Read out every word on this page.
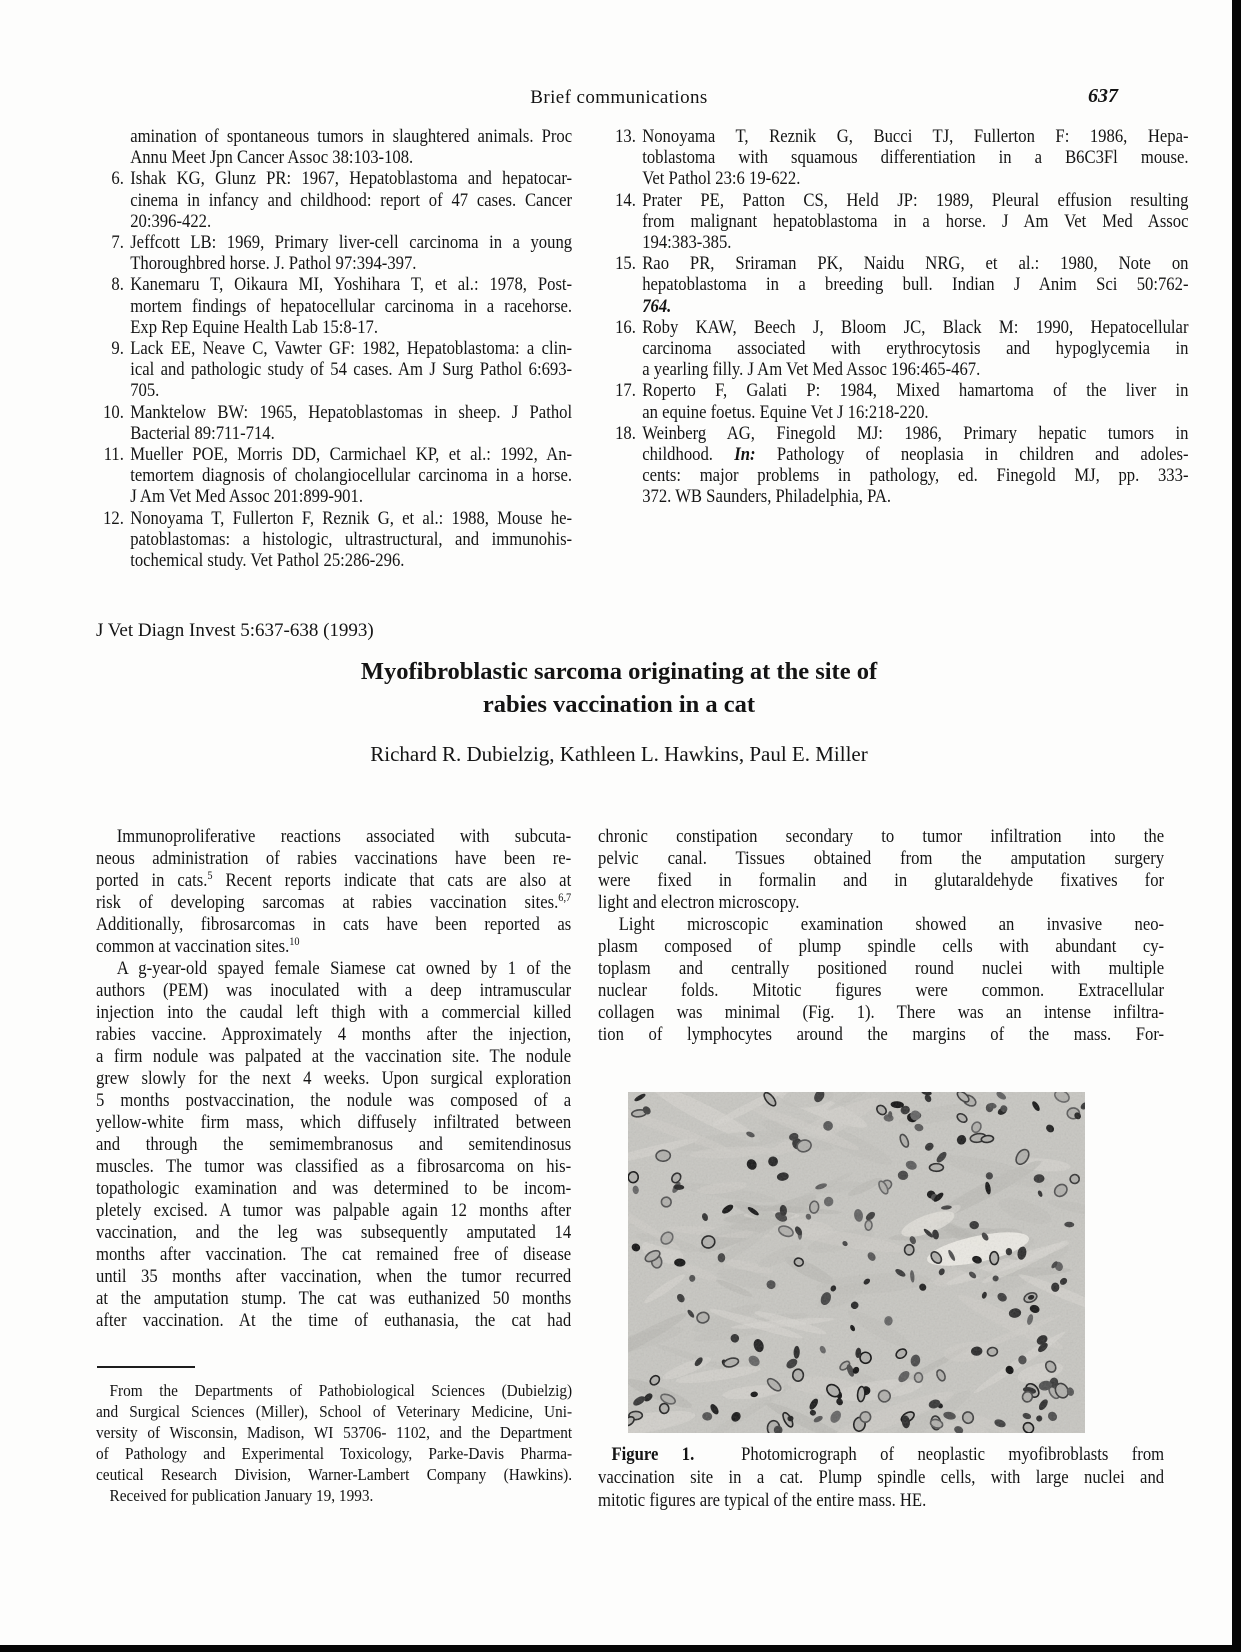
Brief communications	637
amination of spontaneous tumors in slaughtered animals. Proc
Annu Meet Jpn Cancer Assoc 38:103-108.
6. Ishak KG, Glunz PR: 1967, Hepatoblastoma and hepatocar-
cinema in infancy and childhood: report of 47 cases. Cancer
20:396-422.
7. Jeffcott LB: 1969, Primary liver-cell carcinoma in a young
Thoroughbred horse. J. Pathol 97:394-397.
8. Kanemaru T, Oikaura MI, Yoshihara T, et al.: 1978, Post-
mortem findings of hepatocellular carcinoma in a racehorse.
Exp Rep Equine Health Lab 15:8-17.
9. Lack EE, Neave C, Vawter GF: 1982, Hepatoblastoma: a clin-
ical and pathologic study of 54 cases. Am J Surg Pathol 6:693-
705.
10. Manktelow BW: 1965, Hepatoblastomas in sheep. J Pathol
Bacterial 89:711-714.
11. Mueller POE, Morris DD, Carmichael KP, et al.: 1992, An-
temortem diagnosis of cholangiocellular carcinoma in a horse.
J Am Vet Med Assoc 201:899-901.
12. Nonoyama T, Fullerton F, Reznik G, et al.: 1988, Mouse he-
patoblastomas: a histologic, ultrastructural, and immunohis-
tochemical study. Vet Pathol 25:286-296.
13. Nonoyama T, Reznik G, Bucci TJ, Fullerton F: 1986, Hepa-
toblastoma with squamous differentiation in a B6C3Fl mouse.
Vet Pathol 23:6 19-622.
14. Prater PE, Patton CS, Held JP: 1989, Pleural effusion resulting
from malignant hepatoblastoma in a horse. J Am Vet Med Assoc
194:383-385.
15. Rao PR, Sriraman PK, Naidu NRG, et al.: 1980, Note on
hepatoblastoma in a breeding bull. Indian J Anim Sci 50:762-
764.
16. Roby KAW, Beech J, Bloom JC, Black M: 1990, Hepatocellular
carcinoma associated with erythrocytosis and hypoglycemia in
a yearling filly. J Am Vet Med Assoc 196:465-467.
17. Roperto F, Galati P: 1984, Mixed hamartoma of the liver in
an equine foetus. Equine Vet J 16:218-220.
18. Weinberg AG, Finegold MJ: 1986, Primary hepatic tumors in
childhood. In: Pathology of neoplasia in children and adoles-
cents: major problems in pathology, ed. Finegold MJ, pp. 333-
372. WB Saunders, Philadelphia, PA.
J Vet Diagn Invest 5:637-638 (1993)
Myofibroblastic sarcoma originating at the site of
rabies vaccination in a cat
Richard R. Dubielzig, Kathleen L. Hawkins, Paul E. Miller
Immunoproliferative reactions associated with subcuta-
neous administration of rabies vaccinations have been re-
ported in cats.$^5$ Recent reports indicate that cats are also at
risk of developing sarcomas at rabies vaccination sites.$^{6,7}$
Additionally, fibrosarcomas in cats have been reported as
common at vaccination sites.$^{10}$
A g-year-old spayed female Siamese cat owned by 1 of the
authors (PEM) was inoculated with a deep intramuscular
injection into the caudal left thigh with a commercial killed
rabies vaccine. Approximately 4 months after the injection,
a firm nodule was palpated at the vaccination site. The nodule
grew slowly for the next 4 weeks. Upon surgical exploration
5 months postvaccination, the nodule was composed of a
yellow-white firm mass, which diffusely infiltrated between
and through the semimembranosus and semitendinosus
muscles. The tumor was classified as a fibrosarcoma on his-
topathologic examination and was determined to be incom-
pletely excised. A tumor was palpable again 12 months after
vaccination, and the leg was subsequently amputated 14
months after vaccination. The cat remained free of disease
until 35 months after vaccination, when the tumor recurred
at the amputation stump. The cat was euthanized 50 months
after vaccination. At the time of euthanasia, the cat had
chronic constipation secondary to tumor infiltration into the
pelvic canal. Tissues obtained from the amputation surgery
were fixed in formalin and in glutaraldehyde fixatives for
light and electron microscopy.
Light microscopic examination showed an invasive neo-
plasm composed of plump spindle cells with abundant cy-
toplasm and centrally positioned round nuclei with multiple
nuclear folds. Mitotic figures were common. Extracellular
collagen was minimal (Fig. 1). There was an intense infiltra-
tion of lymphocytes around the margins of the mass. For-
From the Departments of Pathobiological Sciences (Dubielzig)
and Surgical Sciences (Miller), School of Veterinary Medicine, Uni-
versity of Wisconsin, Madison, WI 53706- 1102, and the Department
of Pathology and Experimental Toxicology, Parke-Davis Pharma-
ceutical Research Division, Warner-Lambert Company (Hawkins).
Received for publication January 19, 1993.
Figure 1.  Photomicrograph of neoplastic myofibroblasts from
vaccination site in a cat. Plump spindle cells, with large nuclei and
mitotic figures are typical of the entire mass. HE.
